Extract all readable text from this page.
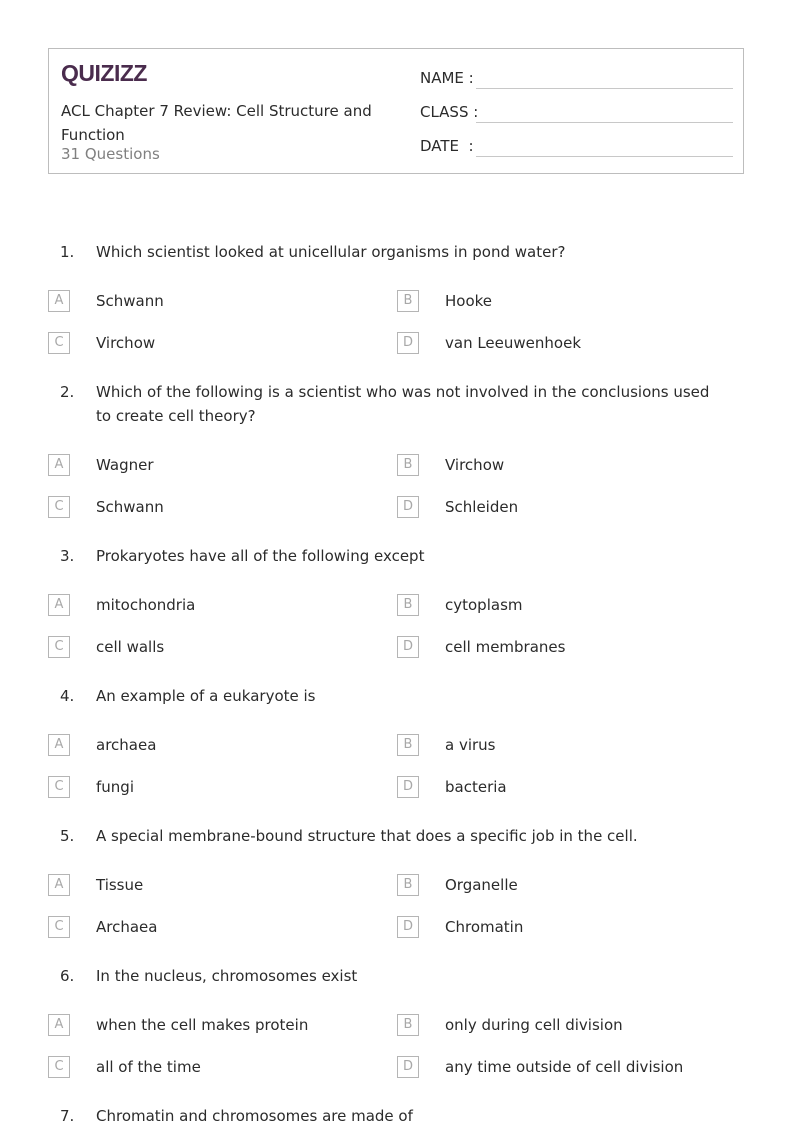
QUIZIZZ
ACL Chapter 7 Review: Cell Structure and Function
31 Questions
NAME :
CLASS :
DATE  :
1. Which scientist looked at unicellular organisms in pond water?
A	Schwann	B	Hooke
C	Virchow	D	van Leeuwenhoek
2. Which of the following is a scientist who was not involved in the conclusions used to create cell theory?
A	Wagner	B	Virchow
C	Schwann	D	Schleiden
3. Prokaryotes have all of the following except
A	mitochondria	B	cytoplasm
C	cell walls	D	cell membranes
4. An example of a eukaryote is
A	archaea	B	a virus
C	fungi	D	bacteria
5. A special membrane-bound structure that does a specific job in the cell.
A	Tissue	B	Organelle
C	Archaea	D	Chromatin
6. In the nucleus, chromosomes exist
A	when the cell makes protein	B	only during cell division
C	all of the time	D	any time outside of cell division
7. Chromatin and chromosomes are made of
